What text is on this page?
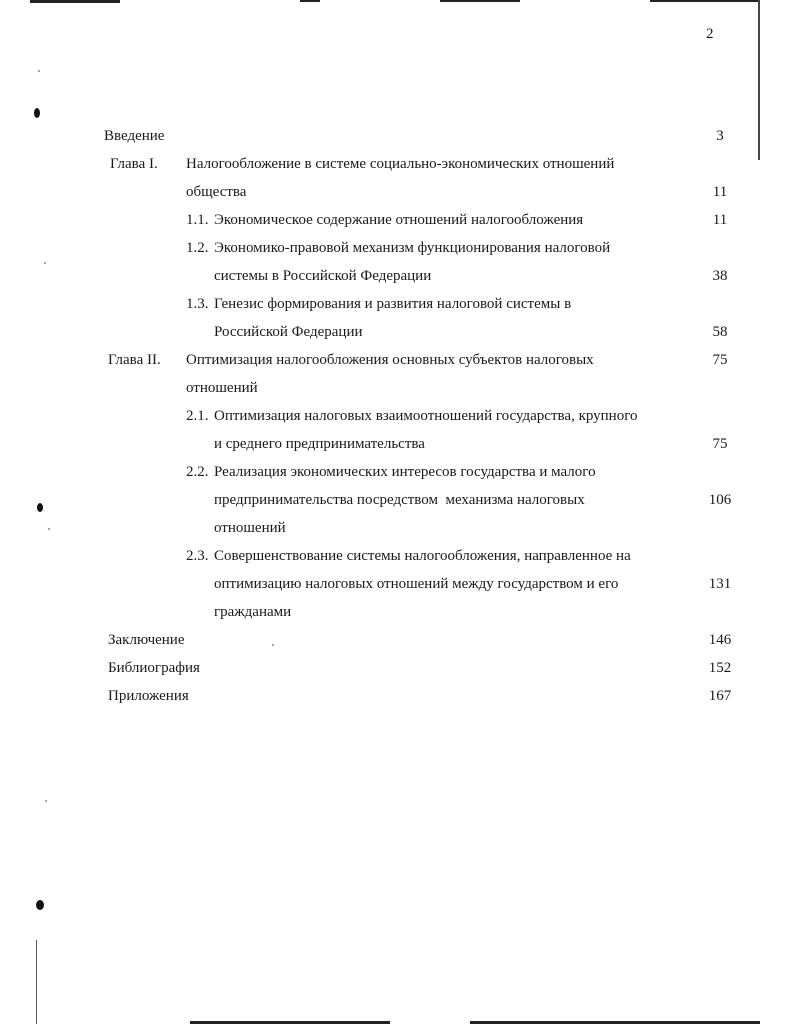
2
Введение	3
Глава I. Налогообложение в системе социально-экономических отношений
общества	11
1.1. Экономическое содержание отношений налогообложения	11
1.2. Экономико-правовой механизм функционирования налоговой
системы в Российской Федерации	38
1.3. Генезис формирования и развития налоговой системы в
Российской Федерации	58
Глава II. Оптимизация налогообложения основных субъектов налоговых	75
отношений
2.1. Оптимизация налоговых взаимоотношений государства, крупного
и среднего предпринимательства	75
2.2. Реализация экономических интересов государства и малого
предпринимательства посредством  механизма налоговых	106
отношений
2.3. Совершенствование системы налогообложения, направленное на
оптимизацию налоговых отношений между государством и его	131
гражданами
Заключение	146
Библиография	152
Приложения	167
